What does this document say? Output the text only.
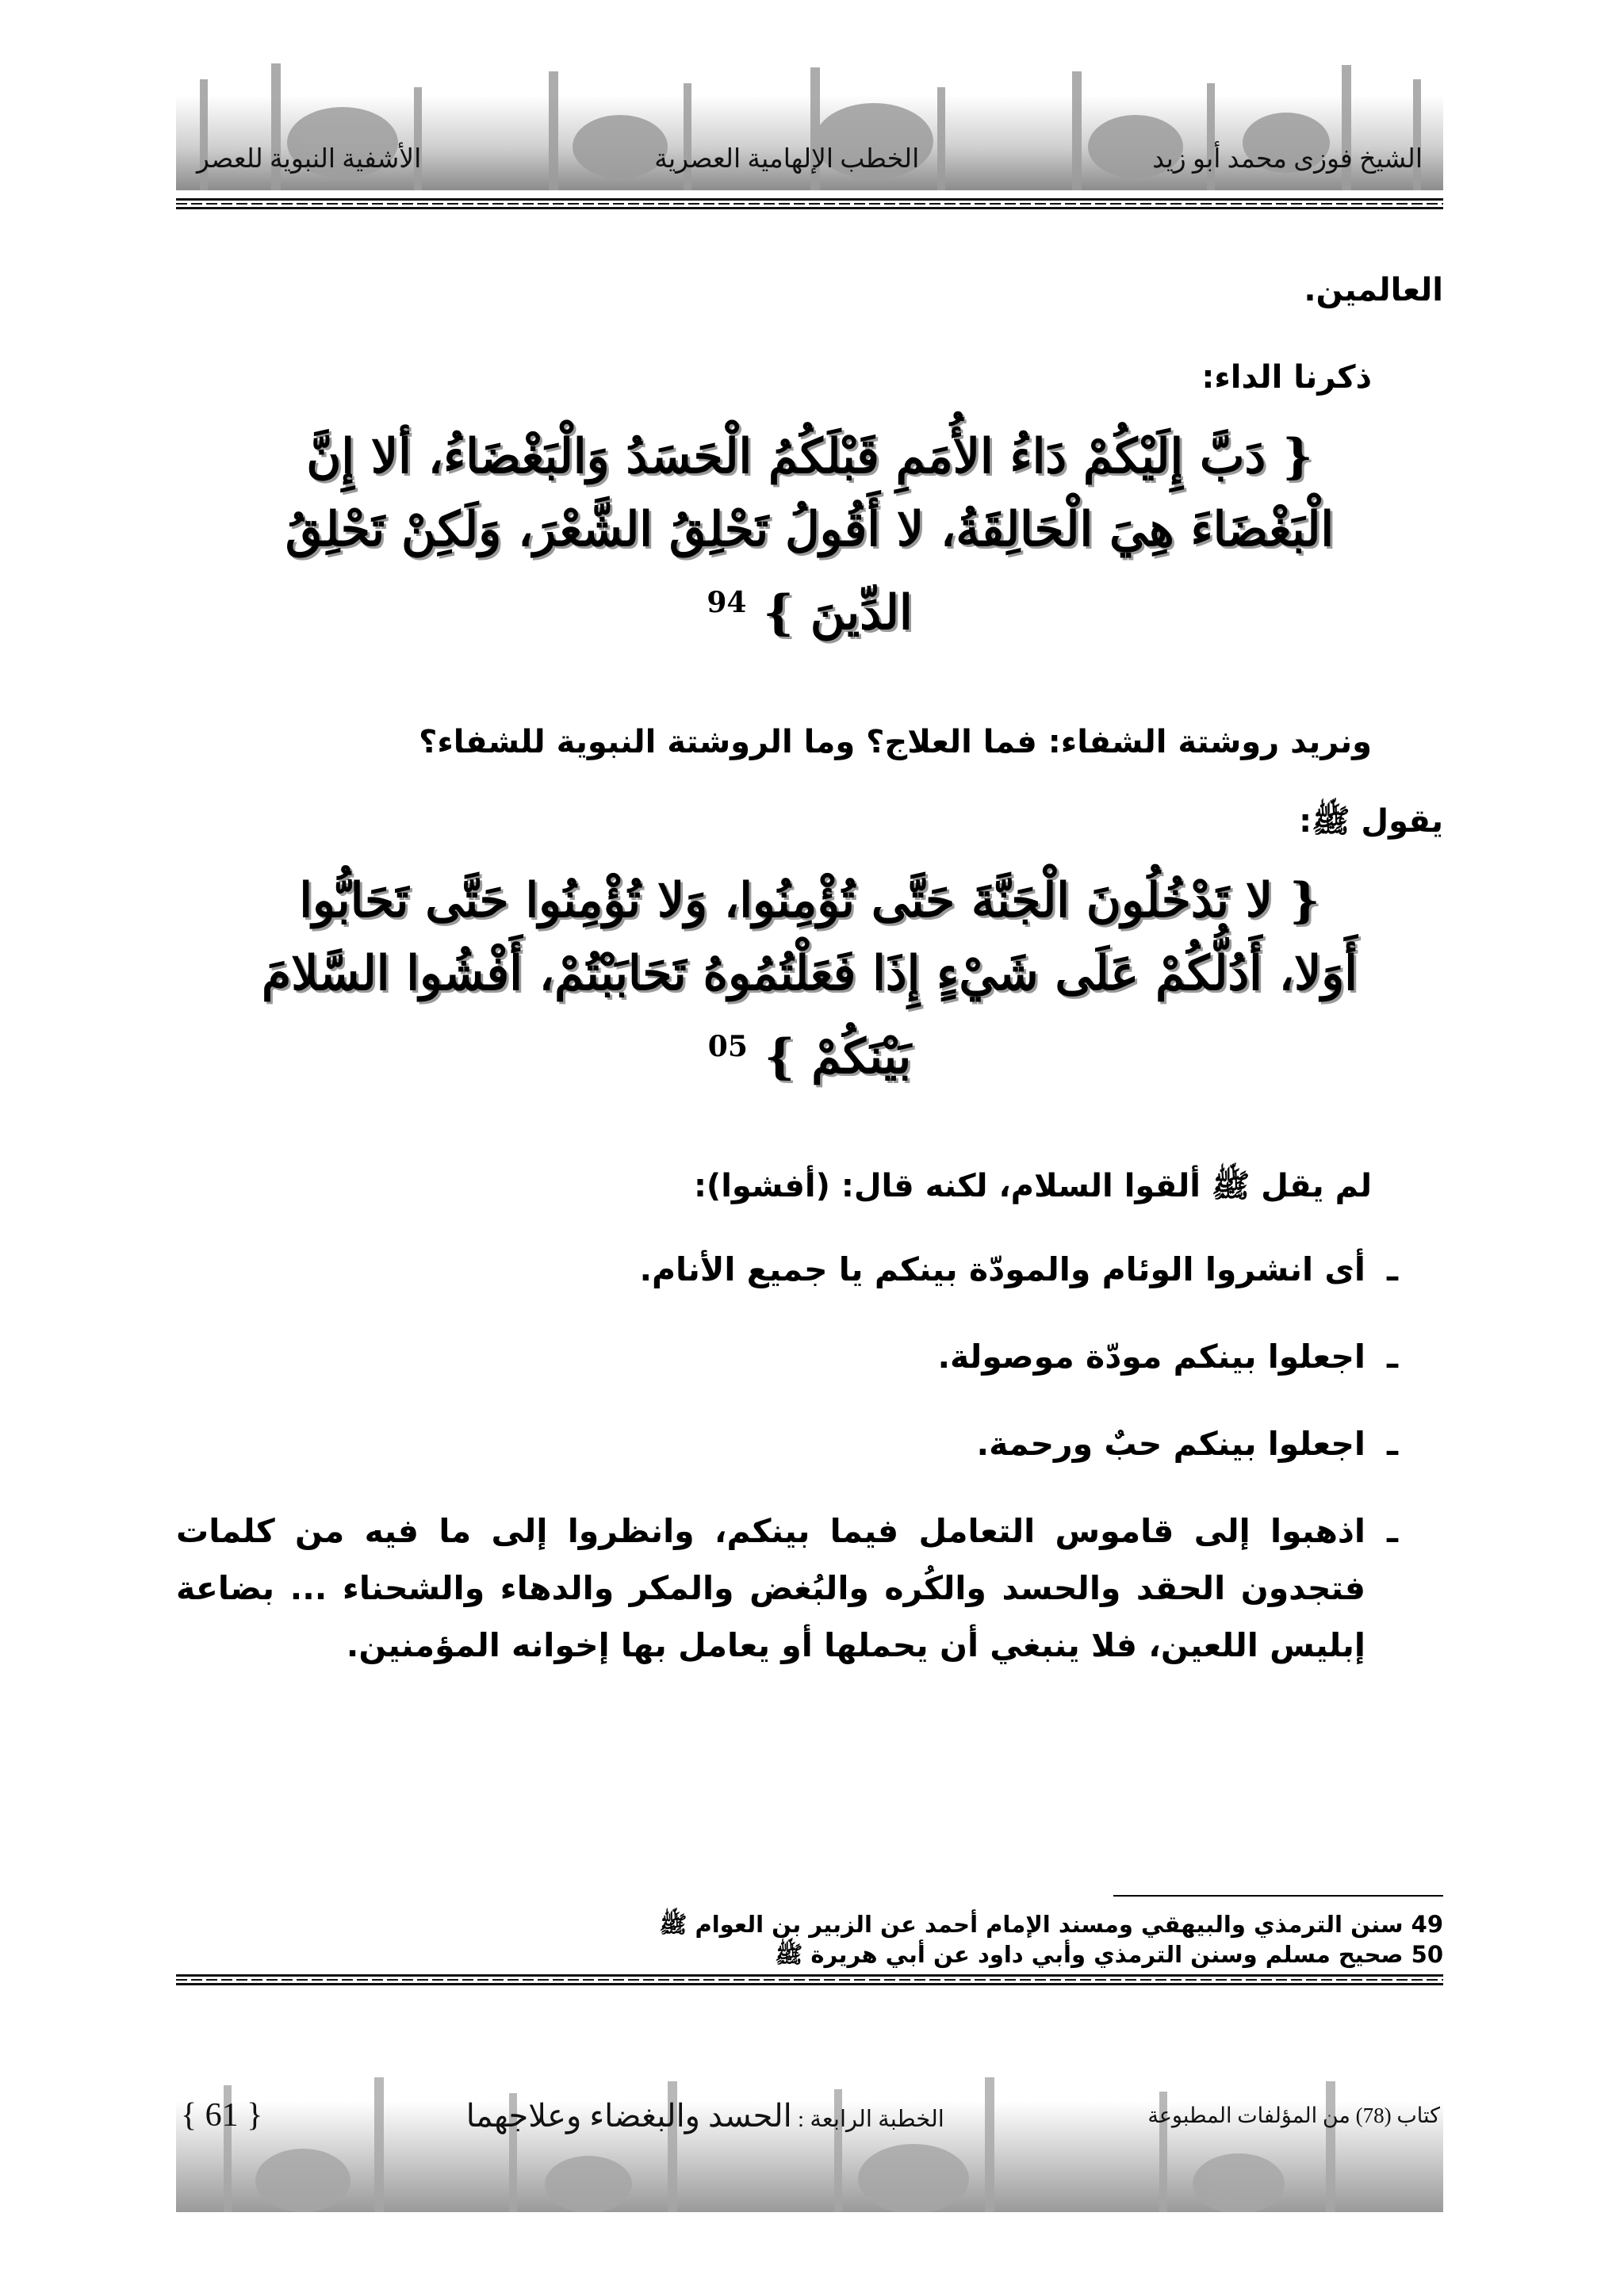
الشيخ فوزى محمد أبو زيد
الخطب الإلهامية العصرية
الأشفية النبوية للعصر
العالمين.
ذكرنا الداء:
{ دَبَّ إِلَيْكُمْ دَاءُ الأُمَمِ قَبْلَكُمُ الْحَسَدُ وَالْبَغْضَاءُ، ألا إِنَّ
الْبَغْضَاءَ هِيَ الْحَالِقَةُ، لا أَقُولُ تَحْلِقُ الشَّعْرَ، وَلَكِنْ تَحْلِقُ
الدِّينَ } $^{94}$
ونريد روشتة الشفاء: فما العلاج؟ وما الروشتة النبوية للشفاء؟
يقول ﷺ:
{ لا تَدْخُلُونَ الْجَنَّةَ حَتَّى تُؤْمِنُوا، وَلا تُؤْمِنُوا حَتَّى تَحَابُّوا
أَوَلا، أَدُلُّكُمْ عَلَى شَيْءٍ إِذَا فَعَلْتُمُوهُ تَحَابَبْتُمْ، أَفْشُوا السَّلامَ
بَيْنَكُمْ } $^{05}$
لم يقل ﷺ ألقوا السلام، لكنه قال: (أفشوا):
ـ
أى انشروا الوئام والمودّة بينكم يا جميع الأنام.
ـ
اجعلوا بينكم مودّة موصولة.
ـ
اجعلوا بينكم حبٌ ورحمة.
ـ
اذهبوا إلى قاموس التعامل فيما بينكم، وانظروا إلى ما فيه من كلمات فتجدون الحقد والحسد والكُره والبُغض والمكر والدهاء والشحناء ... بضاعة إبليس اللعين، فلا ينبغي أن يحملها أو يعامل بها إخوانه المؤمنين.
49 سنن الترمذي والبيهقي ومسند الإمام أحمد عن الزبير بن العوام ﷺ
50 صحيح مسلم وسنن الترمذي وأبي داود عن أبي هريرة ﷺ
{ 61 }	الخطبة الرابعة : الحسد والبغضاء وعلاجهما	كتاب (78) من المؤلفات المطبوعة
